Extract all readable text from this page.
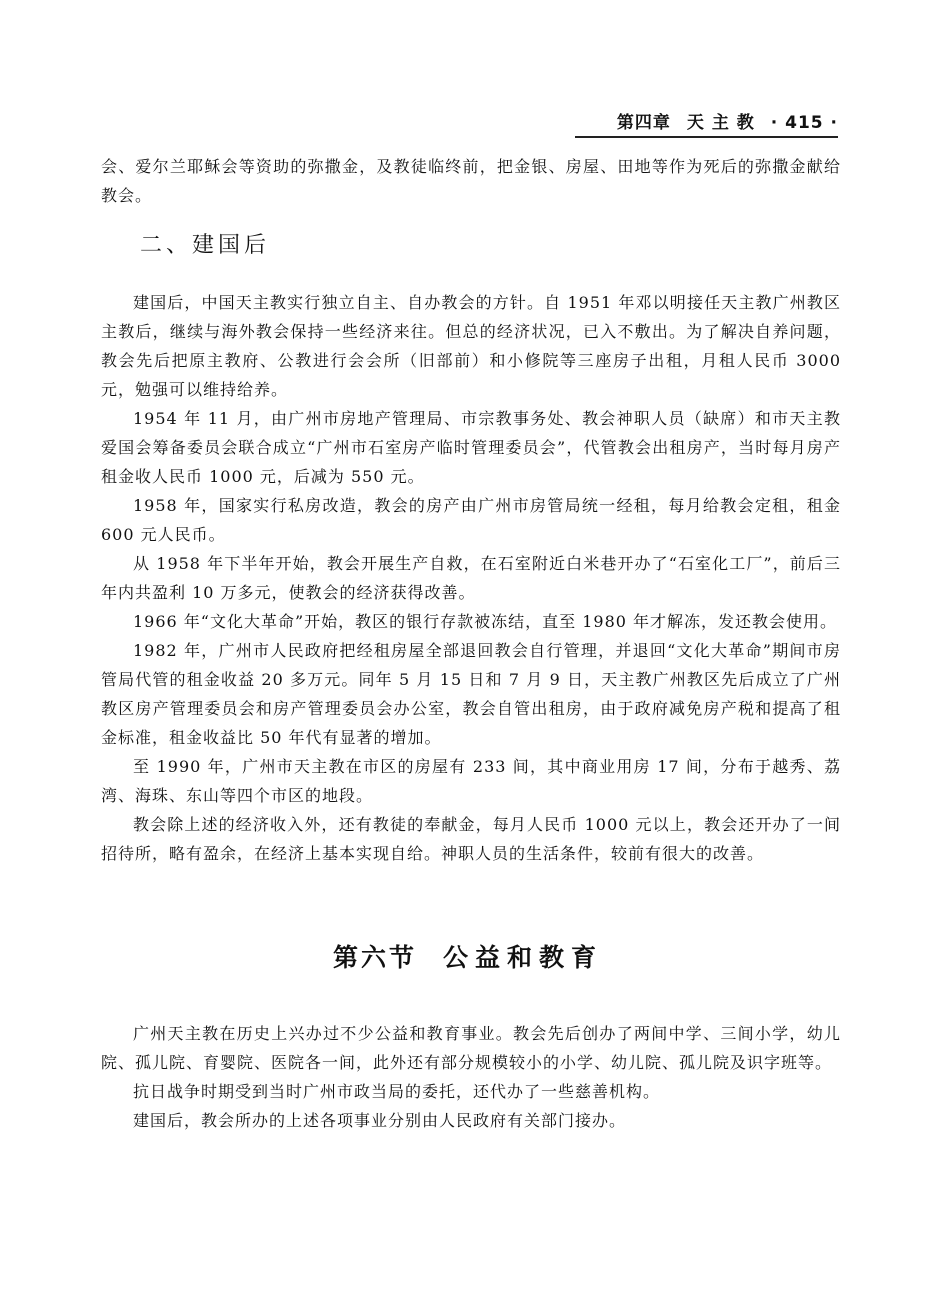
第四章 天 主 教 · 415 ·

会、爱尔兰耶稣会等资助的弥撒金，及教徒临终前，把金银、房屋、田地等作为死后的弥撒金献给教会。

二、建国后

建国后，中国天主教实行独立自主、自办教会的方针。自 1951 年邓以明接任天主教广州教区主教后，继续与海外教会保持一些经济来往。但总的经济状况，已入不敷出。为了解决自养问题，教会先后把原主教府、公教进行会会所（旧部前）和小修院等三座房子出租，月租人民币 3000 元，勉强可以维持给养。

1954 年 11 月，由广州市房地产管理局、市宗教事务处、教会神职人员（缺席）和市天主教爱国会筹备委员会联合成立“广州市石室房产临时管理委员会”，代管教会出租房产，当时每月房产租金收人民币 1000 元，后减为 550 元。

1958 年，国家实行私房改造，教会的房产由广州市房管局统一经租，每月给教会定租，租金 600 元人民币。

从 1958 年下半年开始，教会开展生产自救，在石室附近白米巷开办了“石室化工厂”，前后三年内共盈利 10 万多元，使教会的经济获得改善。

1966 年“文化大革命”开始，教区的银行存款被冻结，直至 1980 年才解冻，发还教会使用。

1982 年，广州市人民政府把经租房屋全部退回教会自行管理，并退回“文化大革命”期间市房管局代管的租金收益 20 多万元。同年 5 月 15 日和 7 月 9 日，天主教广州教区先后成立了广州教区房产管理委员会和房产管理委员会办公室，教会自管出租房，由于政府减免房产税和提高了租金标准，租金收益比 50 年代有显著的增加。

至 1990 年，广州市天主教在市区的房屋有 233 间，其中商业用房 17 间，分布于越秀、荔湾、海珠、东山等四个市区的地段。

教会除上述的经济收入外，还有教徒的奉献金，每月人民币 1000 元以上，教会还开办了一间招待所，略有盈余，在经济上基本实现自给。神职人员的生活条件，较前有很大的改善。

第六节 公益和教育

广州天主教在历史上兴办过不少公益和教育事业。教会先后创办了两间中学、三间小学，幼儿院、孤儿院、育婴院、医院各一间，此外还有部分规模较小的小学、幼儿院、孤儿院及识字班等。

抗日战争时期受到当时广州市政当局的委托，还代办了一些慈善机构。

建国后，教会所办的上述各项事业分别由人民政府有关部门接办。
